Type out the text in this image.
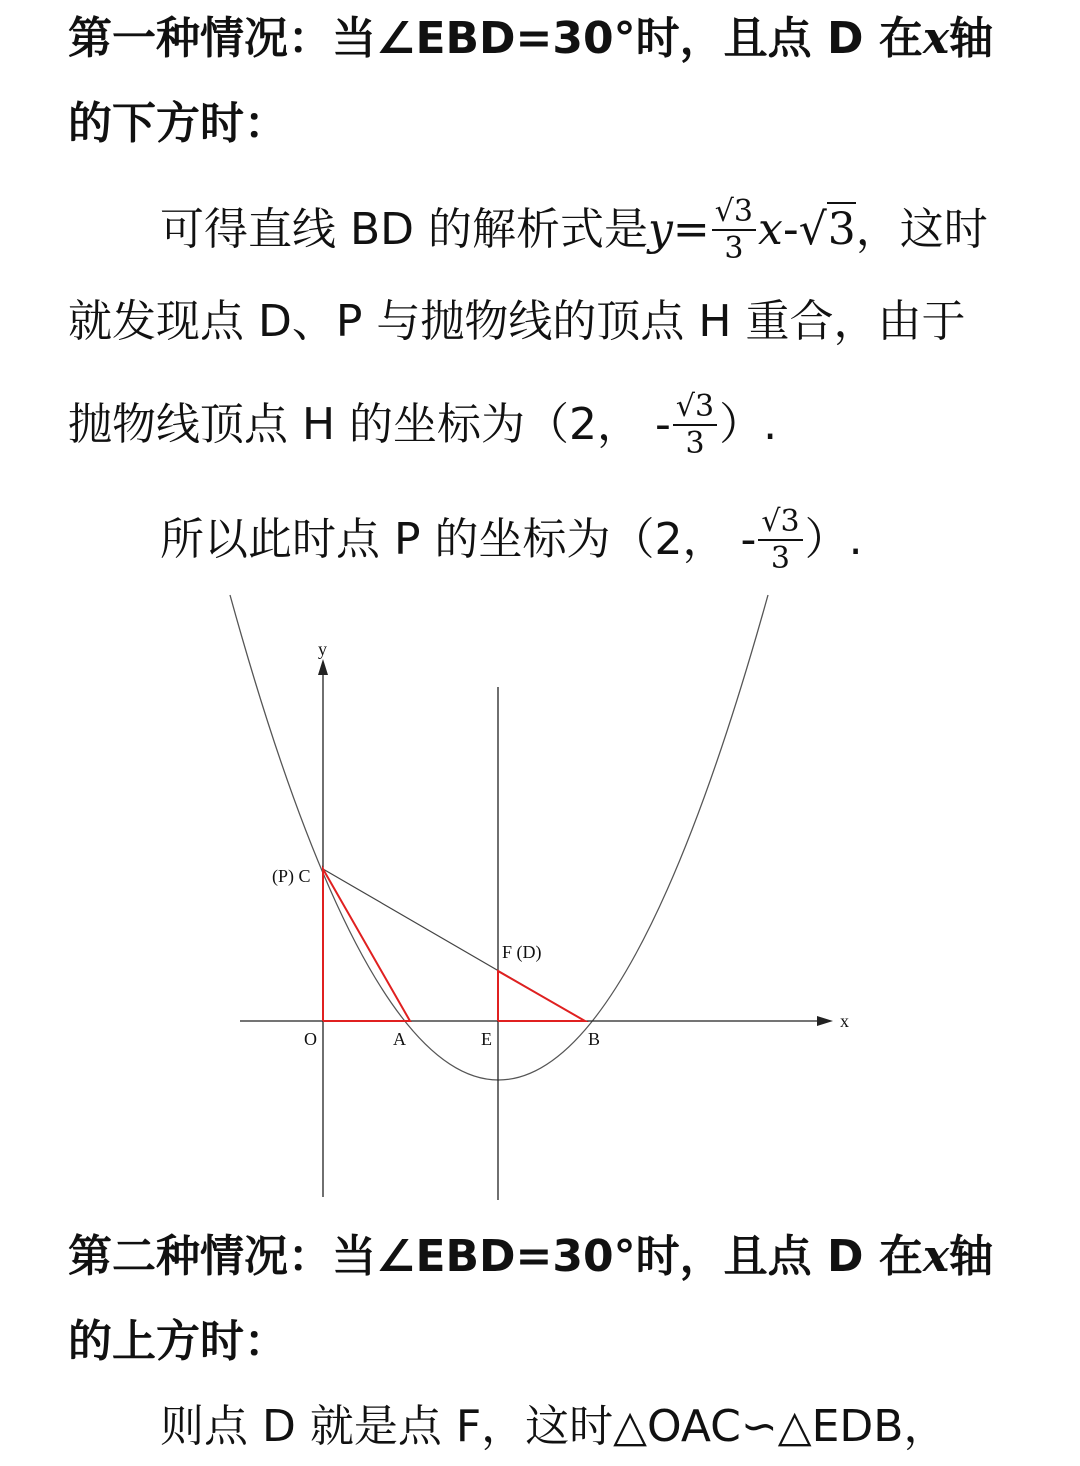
第一种情况：当∠EBD=30°时，且点 D 在x轴
的下方时：
可得直线 BD 的解析式是 $y = \frac{√3}{3}$ x - √3 ，这时
就发现点 D、P 与抛物线的顶点 H 重合，由于
抛物线顶点 H 的坐标为（2， - $\frac{√3}{3}$ ）.
所以此时点 P 的坐标为（2， - $\frac{√3}{3}$ ）.
y
x
O	A	E	B
(P) C
F (D)
第二种情况：当∠EBD=30°时，且点 D 在x轴
的上方时：
则点 D 就是点 F，这时△OAC∽△EDB，
